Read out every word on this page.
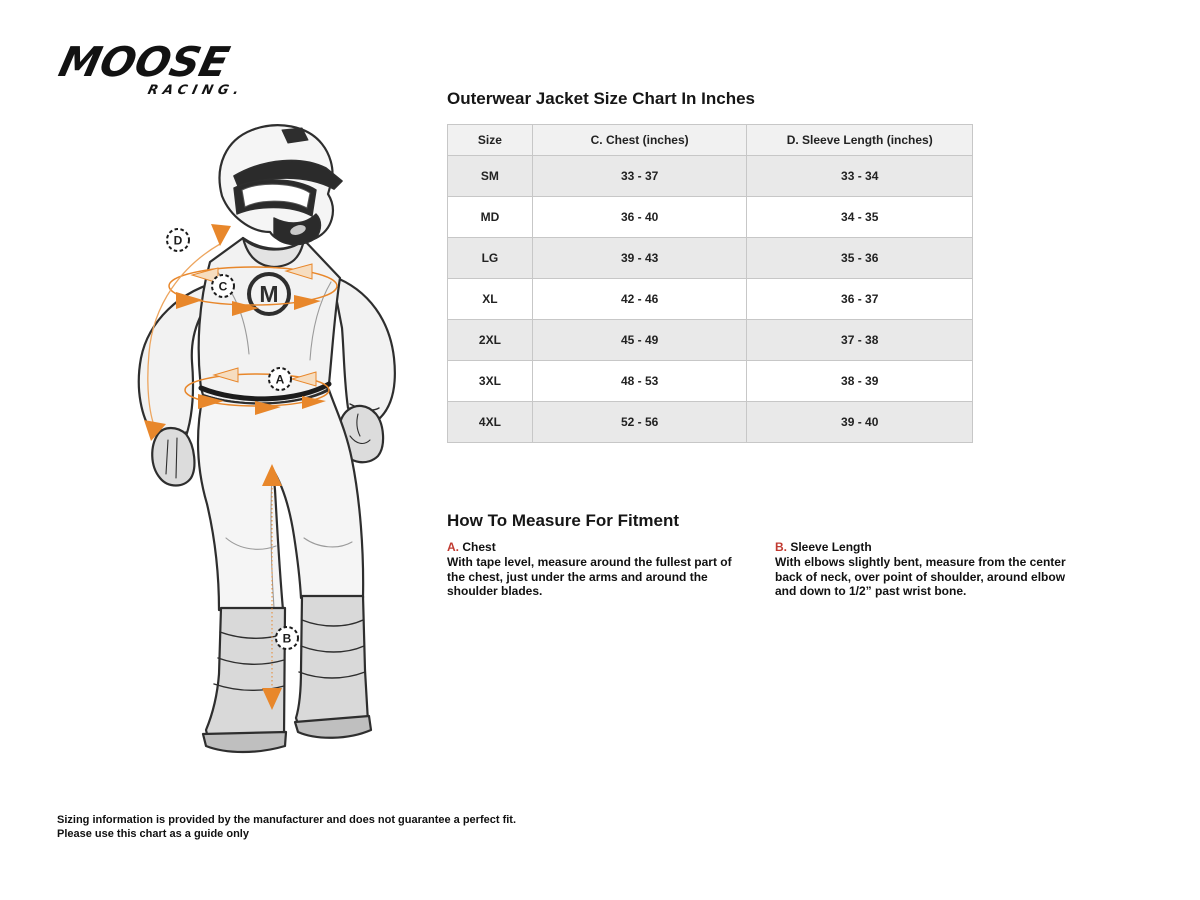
MOOSE
RACING.
M
D
C
A
B
Outerwear Jacket Size Chart In Inches
Size	C. Chest (inches)	D. Sleeve Length (inches)
SM	33 - 37	33 - 34
MD	36 - 40	34 - 35
LG	39 - 43	35 - 36
XL	42 - 46	36 - 37
2XL	45 - 49	37 - 38
3XL	48 - 53	38 - 39
4XL	52 - 56	39 - 40
How To Measure For Fitment
A. Chest
With tape level, measure around the fullest part of the chest, just under the arms and around the shoulder blades.
B. Sleeve Length
With elbows slightly bent, measure from the center back of neck, over point of shoulder, around elbow and down to 1/2” past wrist bone.
Sizing information is provided by the manufacturer and does not guarantee a perfect fit.
Please use this chart as a guide only
